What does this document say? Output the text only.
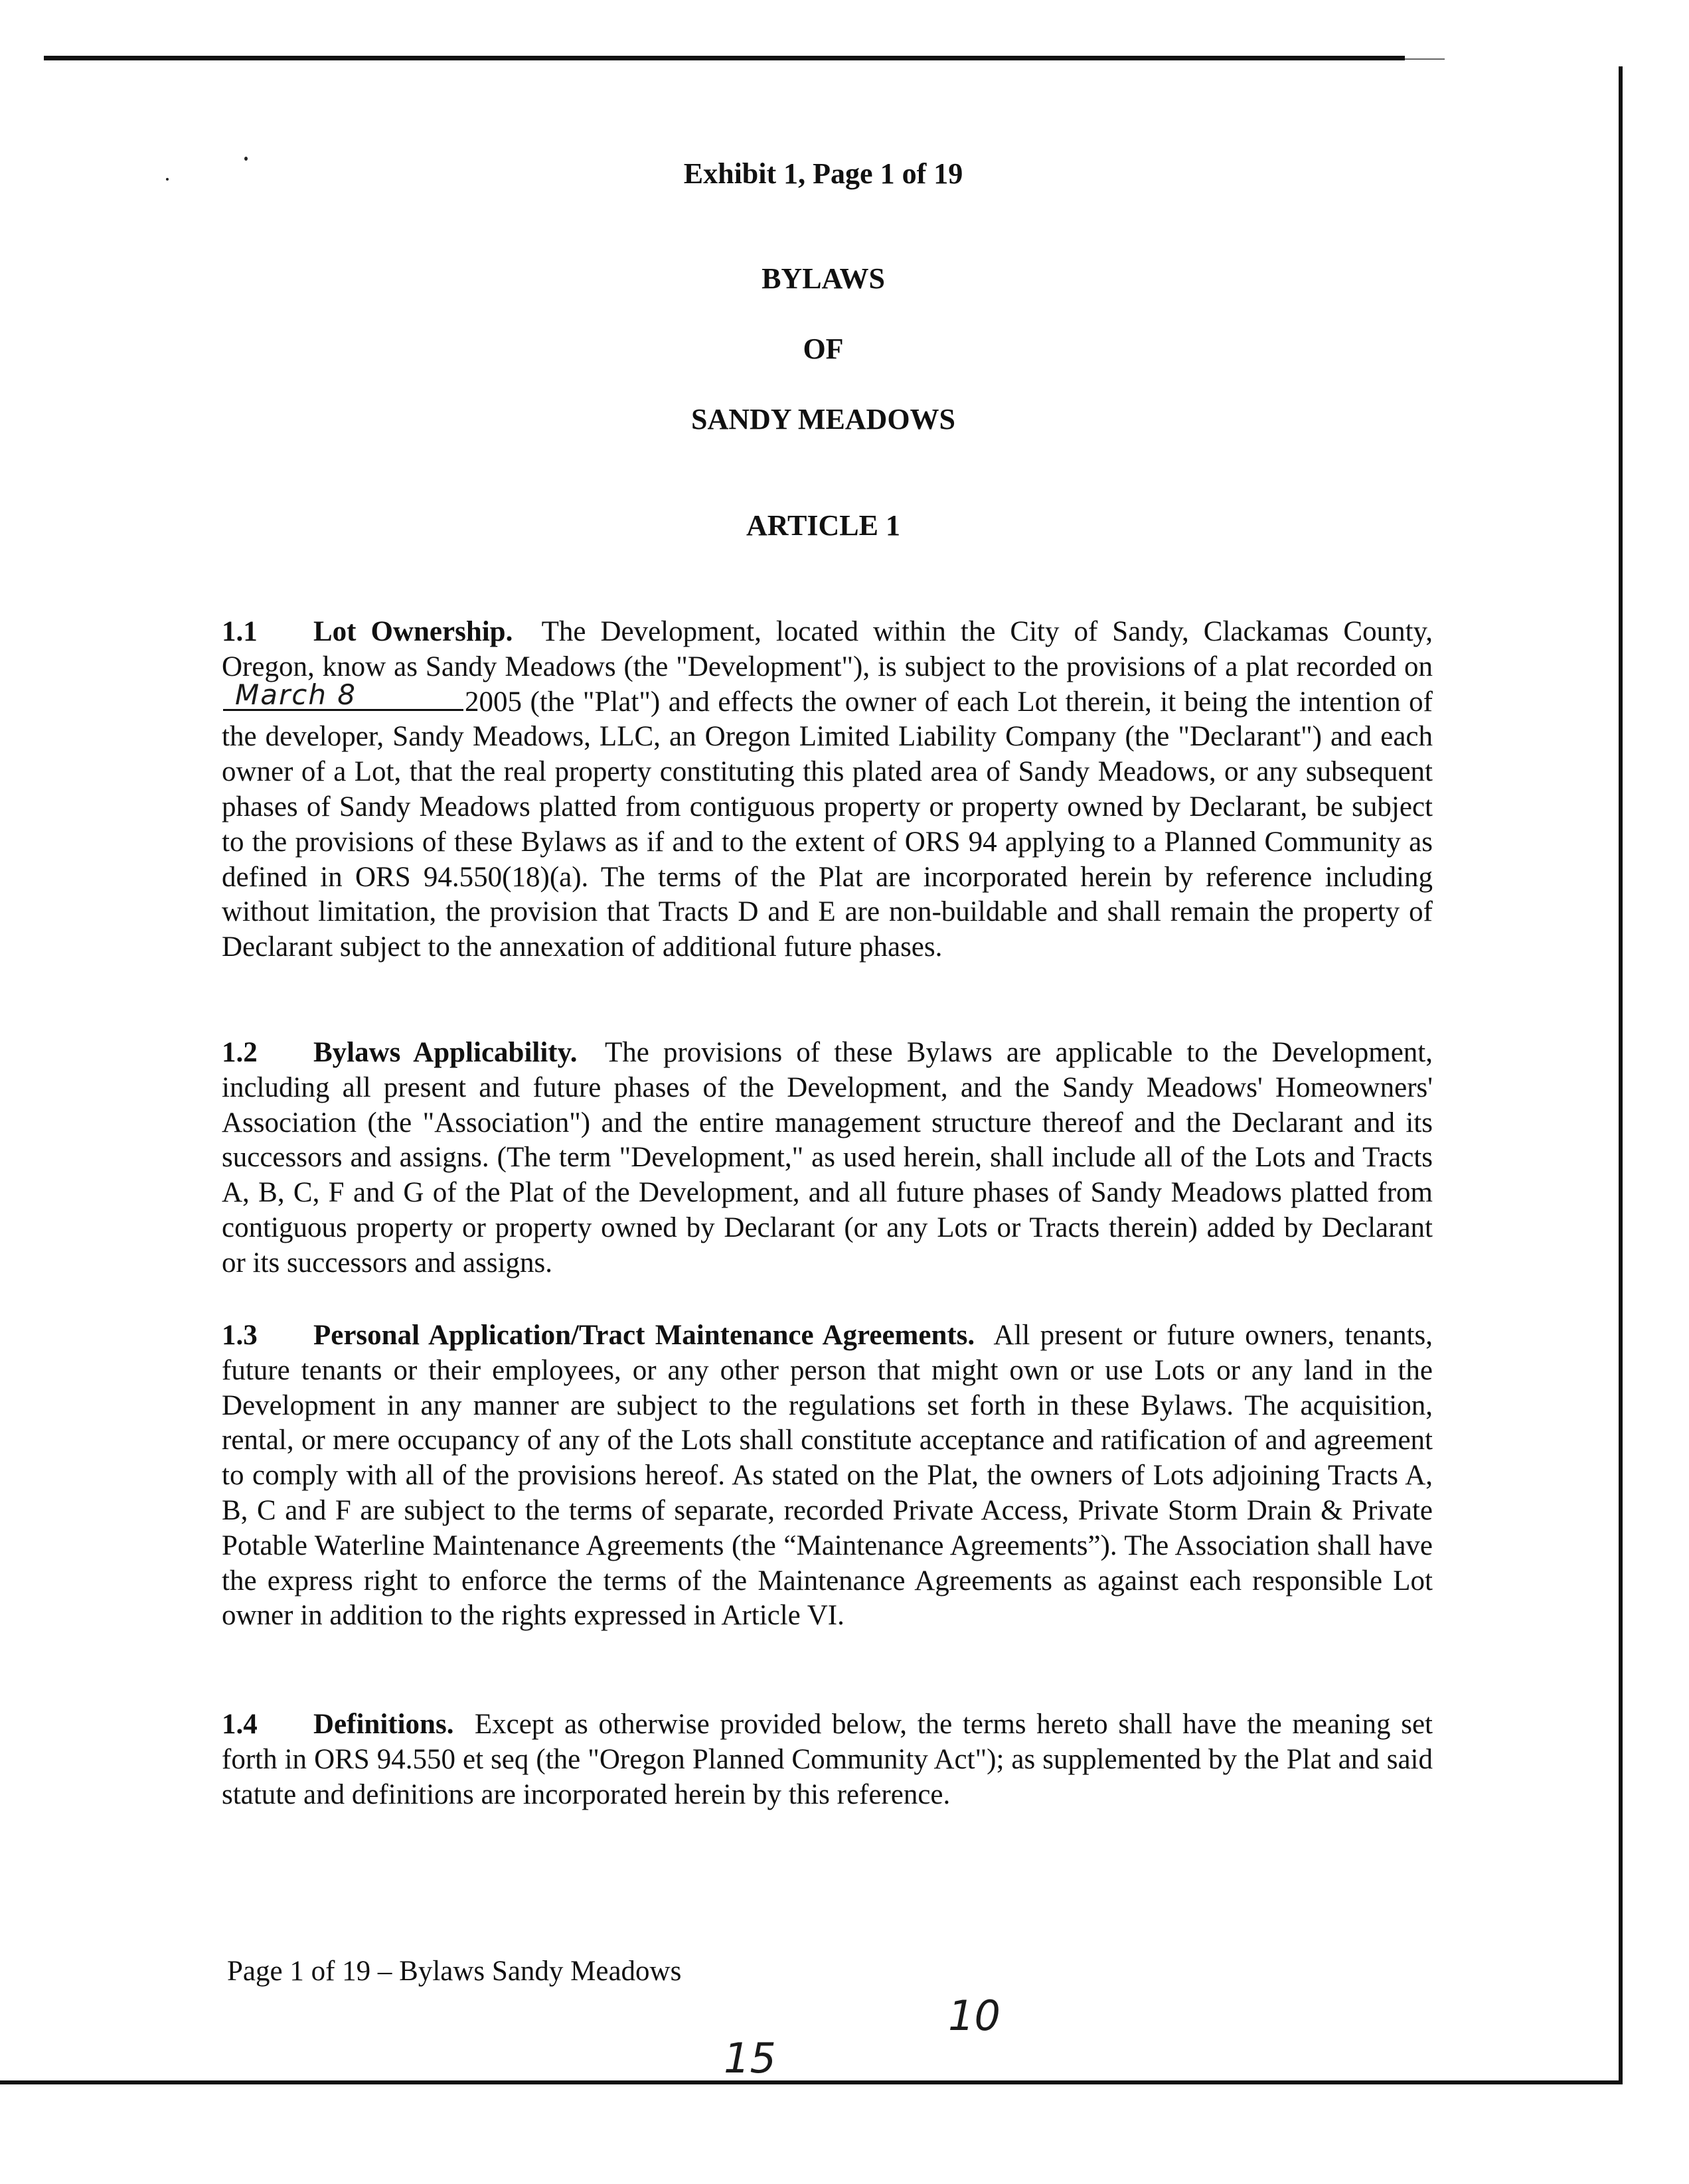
Exhibit 1, Page 1 of 19
BYLAWS
OF
SANDY MEADOWS
ARTICLE 1
1.1 Lot Ownership. The Development, located within the City of Sandy, Clackamas County, Oregon, know as Sandy Meadows (the "Development"), is subject to the provisions of a plat recorded on
March 8	2005 (the "Plat") and effects the owner of each Lot therein, it being the intention of the developer, Sandy Meadows, LLC, an Oregon Limited Liability Company (the "Declarant") and each owner of a Lot, that the real property constituting this plated area of Sandy Meadows, or any subsequent phases of Sandy Meadows platted from contiguous property or property owned by Declarant, be subject to the provisions of these Bylaws as if and to the extent of ORS 94 applying to a Planned Community as defined in ORS 94.550(18)(a). The terms of the Plat are incorporated herein by reference including without limitation, the provision that Tracts D and E are non-buildable and shall remain the property of Declarant subject to the annexation of additional future phases.
1.2 Bylaws Applicability. The provisions of these Bylaws are applicable to the Development, including all present and future phases of the Development, and the Sandy Meadows' Homeowners' Association (the "Association") and the entire management structure thereof and the Declarant and its successors and assigns. (The term "Development," as used herein, shall include all of the Lots and Tracts A, B, C, F and G of the Plat of the Development, and all future phases of Sandy Meadows platted from contiguous property or property owned by Declarant (or any Lots or Tracts therein) added by Declarant or its successors and assigns.
1.3 Personal Application/Tract Maintenance Agreements. All present or future owners, tenants, future tenants or their employees, or any other person that might own or use Lots or any land in the Development in any manner are subject to the regulations set forth in these Bylaws. The acquisition, rental, or mere occupancy of any of the Lots shall constitute acceptance and ratification of and agreement to comply with all of the provisions hereof. As stated on the Plat, the owners of Lots adjoining Tracts A, B, C and F are subject to the terms of separate, recorded Private Access, Private Storm Drain & Private Potable Waterline Maintenance Agreements (the “Maintenance Agreements”). The Association shall have the express right to enforce the terms of the Maintenance Agreements as against each responsible Lot owner in addition to the rights expressed in Article VI.
1.4 Definitions. Except as otherwise provided below, the terms hereto shall have the meaning set forth in ORS 94.550 et seq (the "Oregon Planned Community Act"); as supplemented by the Plat and said statute and definitions are incorporated herein by this reference.
Page 1 of 19 – Bylaws Sandy Meadows
10
15
